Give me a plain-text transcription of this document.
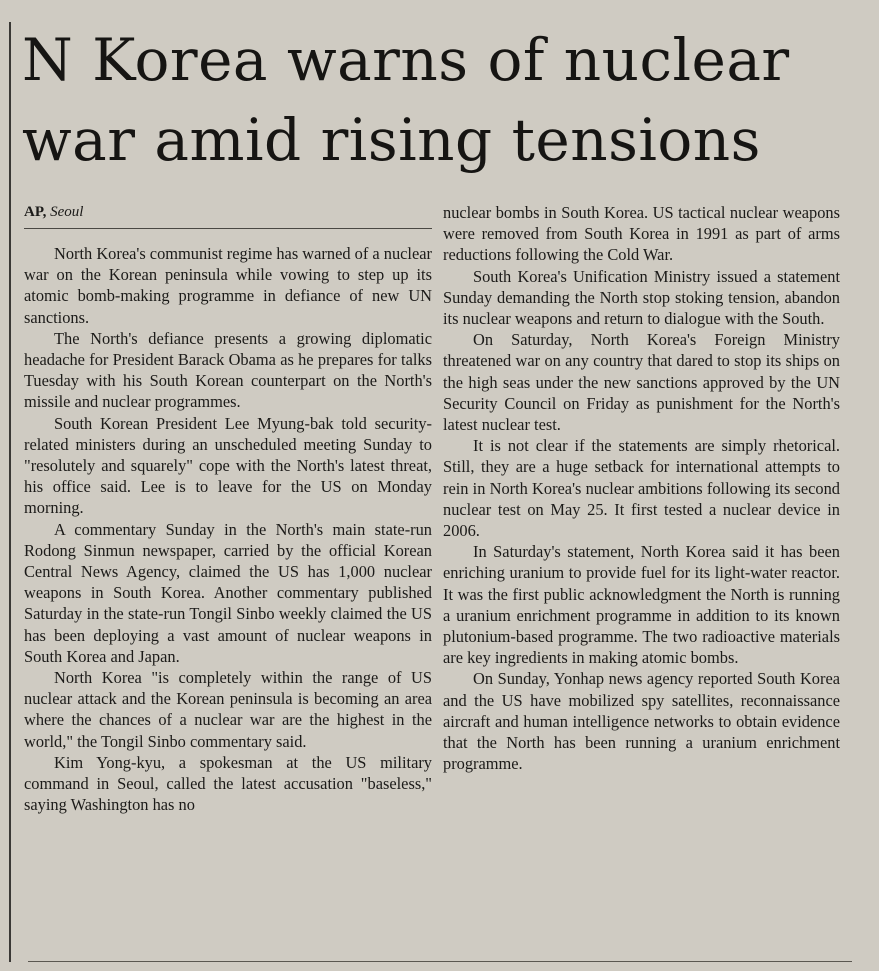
N Korea warns of nuclear
war amid rising tensions
AP, Seoul

North Korea's communist regime has warned of a nuclear war on the Korean peninsula while vowing to step up its atomic bomb-making programme in defiance of new UN sanctions.

The North's defiance presents a growing diplomatic headache for President Barack Obama as he prepares for talks Tuesday with his South Korean counterpart on the North's missile and nuclear programmes.

South Korean President Lee Myung-bak told security-related ministers during an unscheduled meeting Sunday to "resolutely and squarely" cope with the North's latest threat, his office said. Lee is to leave for the US on Monday morning.

A commentary Sunday in the North's main state-run Rodong Sinmun newspaper, carried by the official Korean Central News Agency, claimed the US has 1,000 nuclear weapons in South Korea. Another commentary published Saturday in the state-run Tongil Sinbo weekly claimed the US has been deploying a vast amount of nuclear weapons in South Korea and Japan.

North Korea "is completely within the range of US nuclear attack and the Korean peninsula is becoming an area where the chances of a nuclear war are the highest in the world," the Tongil Sinbo commentary said.

Kim Yong-kyu, a spokesman at the US military command in Seoul, called the latest accusation "baseless," saying Washington has no

nuclear bombs in South Korea. US tactical nuclear weapons were removed from South Korea in 1991 as part of arms reductions following the Cold War.

South Korea's Unification Ministry issued a statement Sunday demanding the North stop stoking tension, abandon its nuclear weapons and return to dialogue with the South.

On Saturday, North Korea's Foreign Ministry threatened war on any country that dared to stop its ships on the high seas under the new sanctions approved by the UN Security Council on Friday as punishment for the North's latest nuclear test.

It is not clear if the statements are simply rhetorical. Still, they are a huge setback for international attempts to rein in North Korea's nuclear ambitions following its second nuclear test on May 25. It first tested a nuclear device in 2006.

In Saturday's statement, North Korea said it has been enriching uranium to provide fuel for its light-water reactor. It was the first public acknowledgment the North is running a uranium enrichment programme in addition to its known plutonium-based programme. The two radioactive materials are key ingredients in making atomic bombs.

On Sunday, Yonhap news agency reported South Korea and the US have mobilized spy satellites, reconnaissance aircraft and human intelligence networks to obtain evidence that the North has been running a uranium enrichment programme.
